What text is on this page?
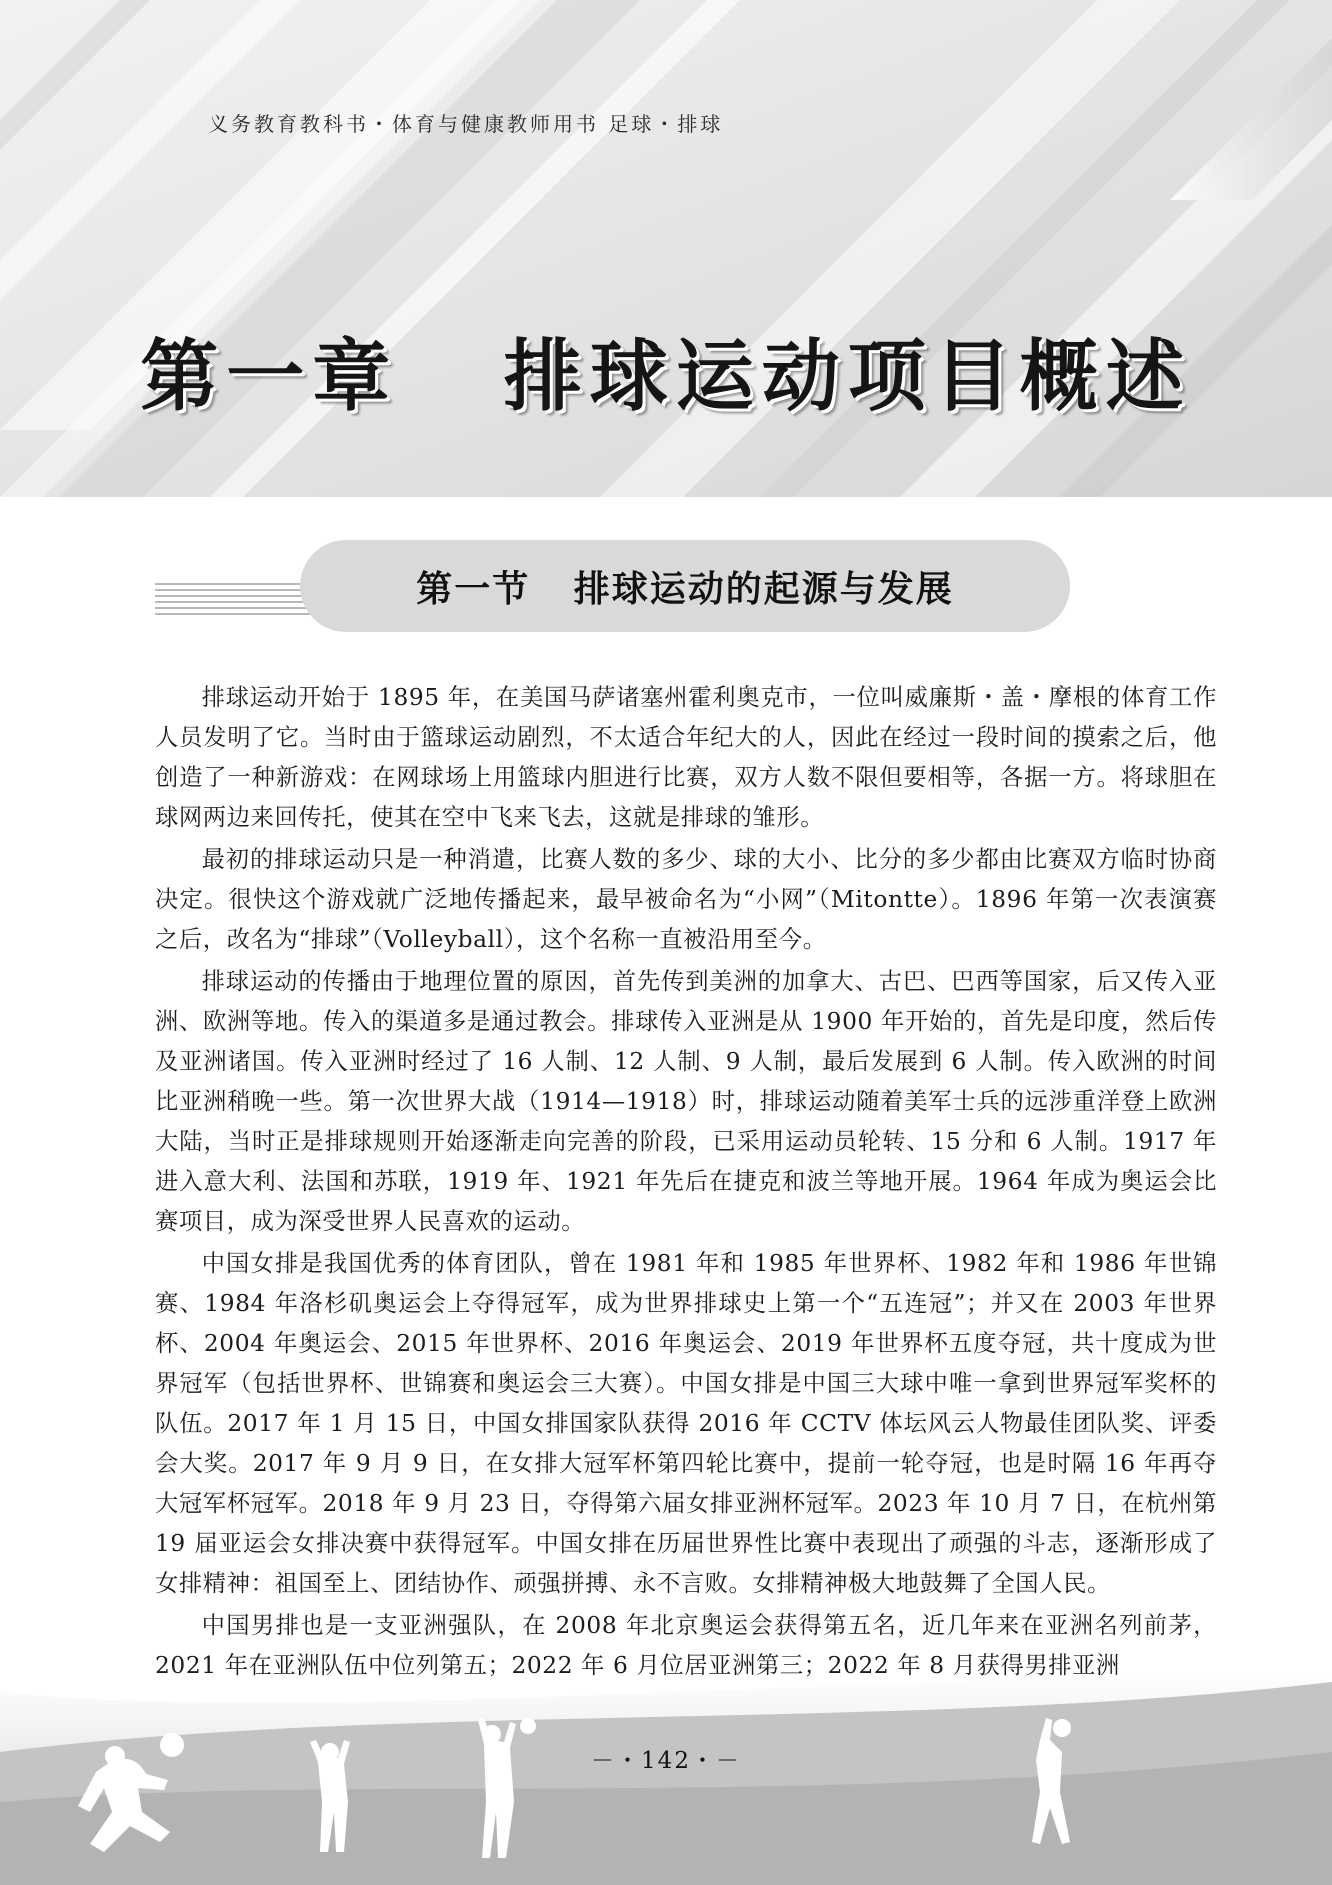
义务教育教科书・体育与健康教师用书 足球・排球
第一章   排球运动项目概述
第一节   排球运动的起源与发展

排球运动开始于 1895 年，在美国马萨诸塞州霍利奥克市，一位叫威廉斯・盖・摩根的体育工作人员发明了它。当时由于篮球运动剧烈，不太适合年纪大的人，因此在经过一段时间的摸索之后，他创造了一种新游戏：在网球场上用篮球内胆进行比赛，双方人数不限但要相等，各据一方。将球胆在球网两边来回传托，使其在空中飞来飞去，这就是排球的雏形。

最初的排球运动只是一种消遣，比赛人数的多少、球的大小、比分的多少都由比赛双方临时协商决定。很快这个游戏就广泛地传播起来，最早被命名为“小网”（Mitontte）。1896 年第一次表演赛之后，改名为“排球”（Volleyball），这个名称一直被沿用至今。

排球运动的传播由于地理位置的原因，首先传到美洲的加拿大、古巴、巴西等国家，后又传入亚洲、欧洲等地。传入的渠道多是通过教会。排球传入亚洲是从 1900 年开始的，首先是印度，然后传及亚洲诸国。传入亚洲时经过了 16 人制、12 人制、9 人制，最后发展到 6 人制。传入欧洲的时间比亚洲稍晚一些。第一次世界大战（1914—1918）时，排球运动随着美军士兵的远涉重洋登上欧洲大陆，当时正是排球规则开始逐渐走向完善的阶段，已采用运动员轮转、15 分和 6 人制。1917 年进入意大利、法国和苏联，1919 年、1921 年先后在捷克和波兰等地开展。1964 年成为奥运会比赛项目，成为深受世界人民喜欢的运动。

中国女排是我国优秀的体育团队，曾在 1981 年和 1985 年世界杯、1982 年和 1986 年世锦赛、1984 年洛杉矶奥运会上夺得冠军，成为世界排球史上第一个“五连冠”；并又在 2003 年世界杯、2004 年奥运会、2015 年世界杯、2016 年奥运会、2019 年世界杯五度夺冠，共十度成为世界冠军（包括世界杯、世锦赛和奥运会三大赛）。中国女排是中国三大球中唯一拿到世界冠军奖杯的队伍。2017 年 1 月 15 日，中国女排国家队获得 2016 年 CCTV 体坛风云人物最佳团队奖、评委会大奖。2017 年 9 月 9 日，在女排大冠军杯第四轮比赛中，提前一轮夺冠，也是时隔 16 年再夺大冠军杯冠军。2018 年 9 月 23 日，夺得第六届女排亚洲杯冠军。2023 年 10 月 7 日，在杭州第 19 届亚运会女排决赛中获得冠军。中国女排在历届世界性比赛中表现出了顽强的斗志，逐渐形成了女排精神：祖国至上、团结协作、顽强拼搏、永不言败。女排精神极大地鼓舞了全国人民。

中国男排也是一支亚洲强队，在 2008 年北京奥运会获得第五名，近几年来在亚洲名列前茅，2021 年在亚洲队伍中位列第五；2022 年 6 月位居亚洲第三；2022 年 8 月获得男排亚洲

－・142・－
